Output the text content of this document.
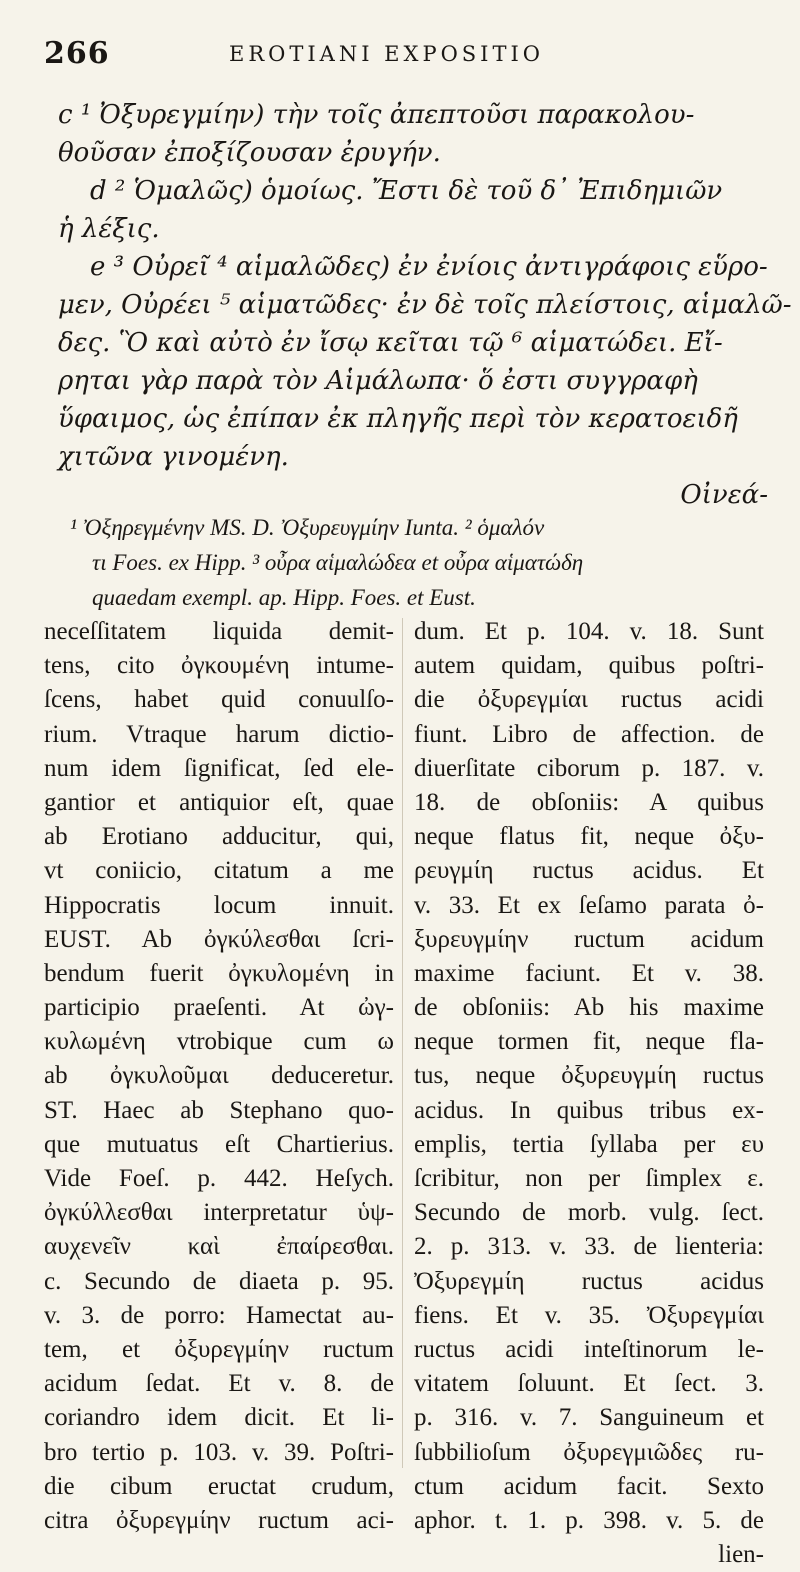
266	EROTIANI EXPOSITIO
c ¹ Ὀξυρεγμίην) τὴν τοῖς ἀπεπτοῦσι παρακολου-
θοῦσαν ἐποξίζουσαν ἐρυγήν.
d ² Ὁμαλῶς) ὁμοίως. Ἔστι δὲ τοῦ δ᾽ Ἐπιδημιῶν
ἡ λέξις.
e ³ Οὐρεῖ ⁴ αἱμαλῶδες) ἐν ἐνίοις ἀντιγράφοις εὕρο-
μεν, Οὐρέει ⁵ αἱματῶδες· ἐν δὲ τοῖς πλείστοις, αἱμαλῶ-
δες. Ὃ καὶ αὐτὸ ἐν ἴσῳ κεῖται τῷ ⁶ αἱματώδει. Εἴ-
ρηται γὰρ παρὰ τὸν Αἱμάλωπα· ὅ ἐστι συγγραφὴ
ὕφαιμος, ὡς ἐπίπαν ἐκ πληγῆς περὶ τὸν κερατοειδῆ
χιτῶνα γινομένη.
Οἰνεά-
¹ Ὀξηρεγμένην MS. D. Ὀξυρευγμίην Iunta. ² ὁμαλόν
τι Foes. ex Hipp. ³ οὖρα αἱμαλώδεα et οὖρα αἱματώδη
quaedam exempl. ap. Hipp. Foes. et Eust.
neceſſitatem liquida demit-
tens, cito ὀγκουμένη intume-
ſcens, habet quid conuulſo-
rium. Vtraque harum dictio-
num idem ſignificat, ſed ele-
gantior et antiquior eſt, quae
ab Erotiano adducitur, qui,
vt coniicio, citatum a me
Hippocratis locum innuit.
EUST. Ab ὀγκύλεσθαι ſcri-
bendum fuerit ὀγκυλομένη in
participio praeſenti. At ὠγ-
κυλωμένη vtrobique cum ω
ab ὀγκυλοῦμαι deduceretur.
ST. Haec ab Stephano quo-
que mutuatus eſt Chartierius.
Vide Foeſ. p. 442. Heſych.
ὀγκύλλεσθαι interpretatur ὑψ-
αυχενεῖν καὶ ἐπαίρεσθαι.
c. Secundo de diaeta p. 95.
v. 3. de porro: Hamectat au-
tem, et ὀξυρεγμίην ructum
acidum ſedat. Et v. 8. de
coriandro idem dicit. Et li-
bro tertio p. 103. v. 39. Poſtri-
die cibum eructat crudum,
citra ὀξυρεγμίην ructum aci-
dum. Et p. 104. v. 18. Sunt
autem quidam, quibus poſtri-
die ὀξυρεγμίαι ructus acidi
fiunt. Libro de affection. de
diuerſitate ciborum p. 187. v.
18. de obſoniis: A quibus
neque flatus fit, neque ὀξυ-
ρευγμίη ructus acidus. Et
v. 33. Et ex ſeſamo parata ὀ-
ξυρευγμίην ructum acidum
maxime faciunt. Et v. 38.
de obſoniis: Ab his maxime
neque tormen fit, neque fla-
tus, neque ὀξυρευγμίη ructus
acidus. In quibus tribus ex-
emplis, tertia ſyllaba per ευ
ſcribitur, non per ſimplex ε.
Secundo de morb. vulg. ſect.
2. p. 313. v. 33. de lienteria:
Ὀξυρεγμίη ructus acidus
fiens. Et v. 35. Ὀξυρεγμίαι
ructus acidi inteſtinorum le-
vitatem ſoluunt. Et ſect. 3.
p. 316. v. 7. Sanguineum et
ſubbilioſum ὀξυρεγμιῶδες ru-
ctum acidum facit. Sexto
aphor. t. 1. p. 398. v. 5. de
lien-
